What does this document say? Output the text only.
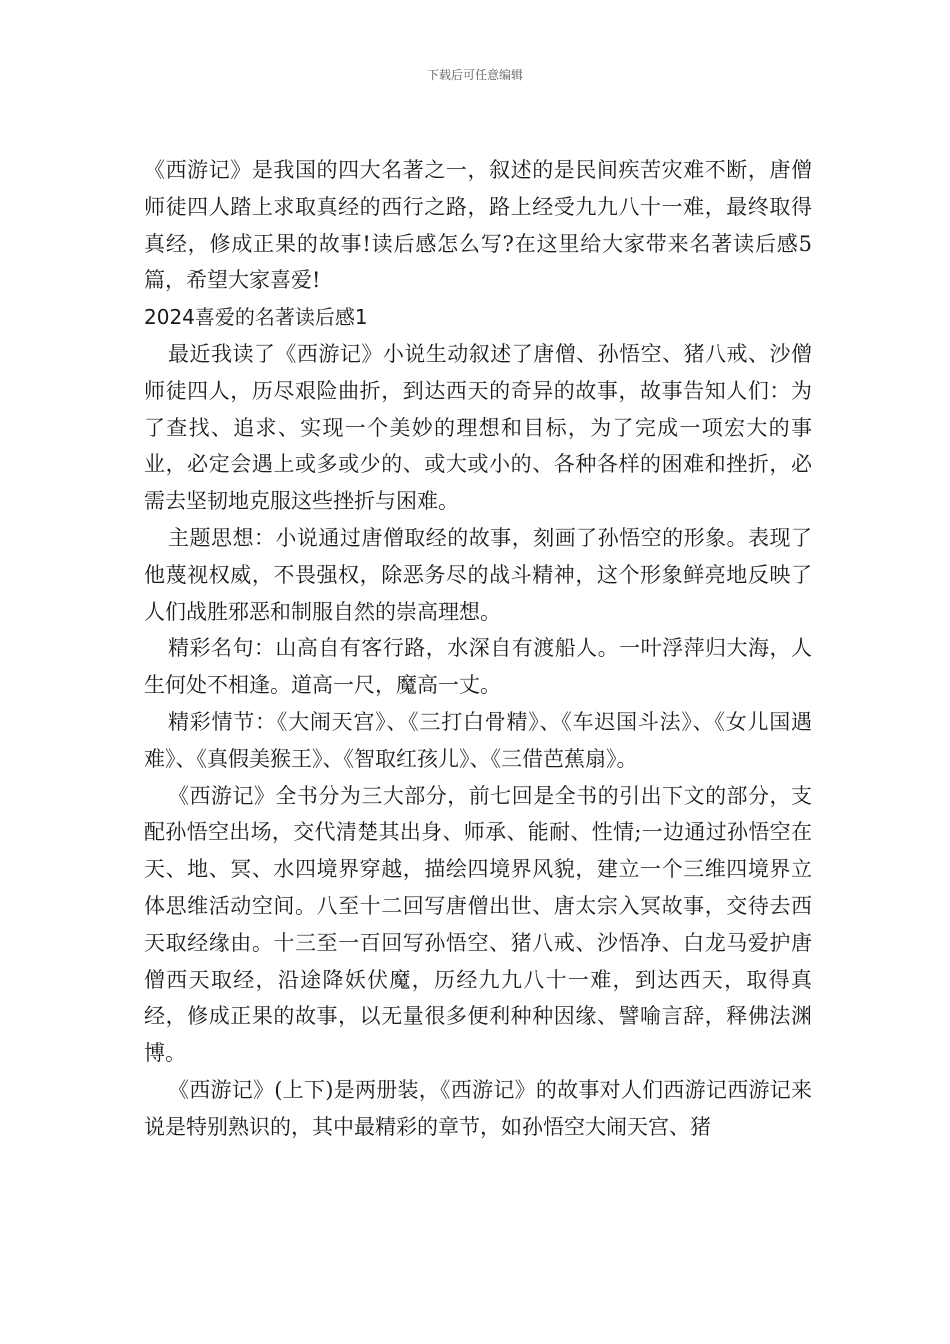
下载后可任意编辑

《西游记》是我国的四大名著之一，叙述的是民间疾苦灾难不断，唐僧师徒四人踏上求取真经的西行之路，路上经受九九八十一难，最终取得真经，修成正果的故事!读后感怎么写?在这里给大家带来名著读后感5篇，希望大家喜爱!

2024喜爱的名著读后感1

最近我读了《西游记》小说生动叙述了唐僧、孙悟空、猪八戒、沙僧师徒四人，历尽艰险曲折，到达西天的奇异的故事，故事告知人们：为了查找、追求、实现一个美妙的理想和目标，为了完成一项宏大的事业，必定会遇上或多或少的、或大或小的、各种各样的困难和挫折，必需去坚韧地克服这些挫折与困难。

主题思想：小说通过唐僧取经的故事，刻画了孙悟空的形象。表现了他蔑视权威，不畏强权，除恶务尽的战斗精神，这个形象鲜亮地反映了人们战胜邪恶和制服自然的崇高理想。

精彩名句：山高自有客行路，水深自有渡船人。一叶浮萍归大海，人生何处不相逢。道高一尺，魔高一丈。

精彩情节：《大闹天宫》、《三打白骨精》、《车迟国斗法》、《女儿国遇难》、《真假美猴王》、《智取红孩儿》、《三借芭蕉扇》。

《西游记》全书分为三大部分，前七回是全书的引出下文的部分，支配孙悟空出场，交代清楚其出身、师承、能耐、性情;一边通过孙悟空在天、地、冥、水四境界穿越，描绘四境界风貌，建立一个三维四境界立体思维活动空间。八至十二回写唐僧出世、唐太宗入冥故事，交待去西天取经缘由。十三至一百回写孙悟空、猪八戒、沙悟净、白龙马爱护唐僧西天取经，沿途降妖伏魔，历经九九八十一难，到达西天，取得真经，修成正果的故事，以无量很多便利种种因缘、譬喻言辞，释佛法渊博。

《西游记》(上下)是两册装，《西游记》的故事对人们西游记西游记来说是特别熟识的，其中最精彩的章节，如孙悟空大闹天宫、猪
